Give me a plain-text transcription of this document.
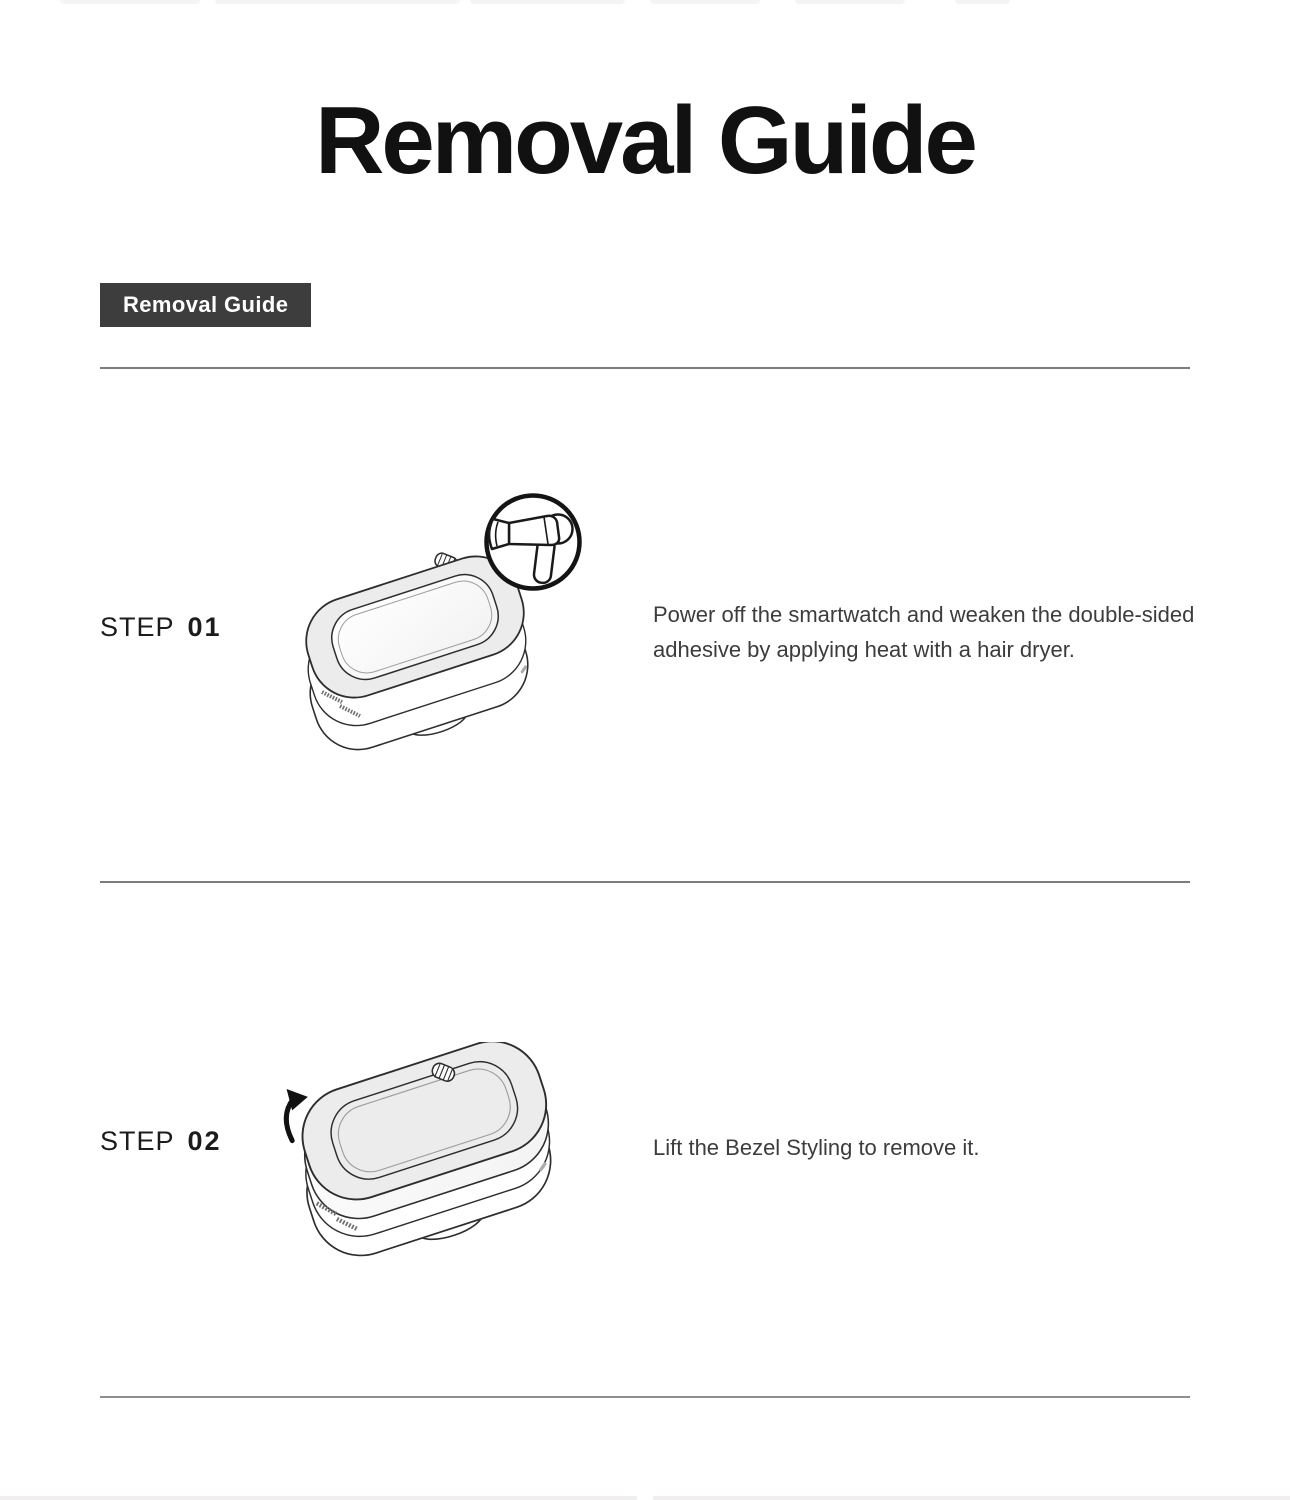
Removal Guide
Removal Guide
STEP 01	Power off the smartwatch and weaken the double-sided adhesive by applying heat with a hair dryer.

STEP 02	Lift the Bezel Styling to remove it.
